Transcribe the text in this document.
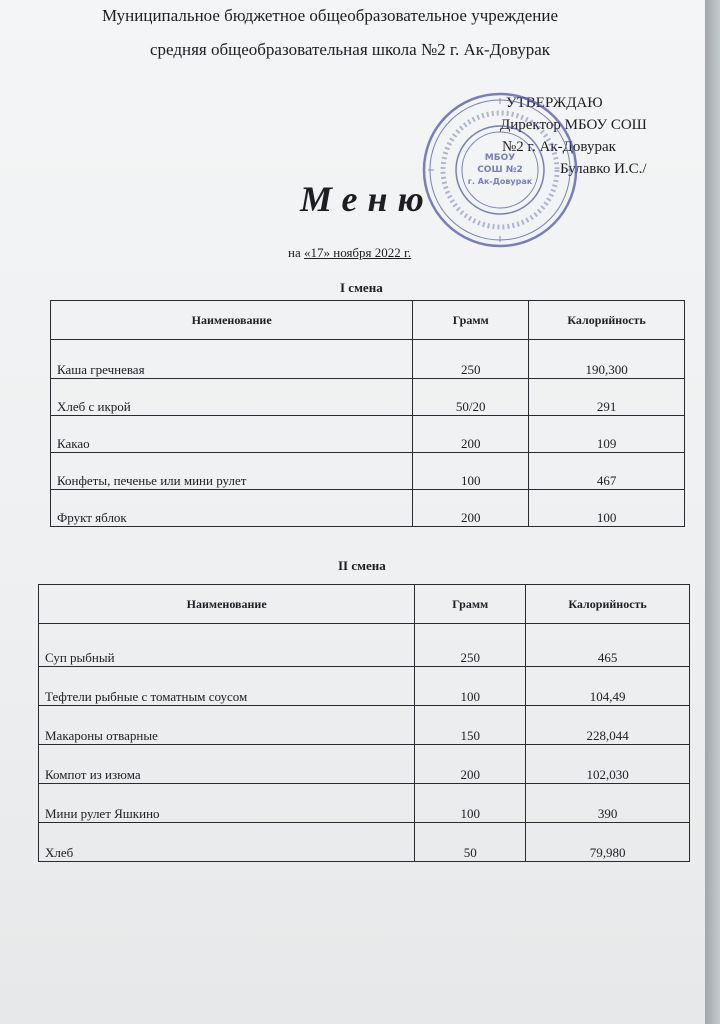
Муниципальное бюджетное общеобразовательное учреждение
средняя общеобразовательная школа №2 г. Ак-Довурак
УТВЕРЖДАЮ
Директор МБОУ СОШ
№2 г. Ак-Довурак
Булавко И.С./
МБОУ
СОШ №2
г. Ак-Довурак
Меню
на «17» ноября 2022 г.
I смена
Наименование	Грамм	Калорийность
Каша гречневая	250	190,300
Хлеб с икрой	50/20	291
Какао	200	109
Конфеты, печенье или мини рулет	100	467
Фрукт яблок	200	100
II смена
Наименование	Грамм	Калорийность
Суп рыбный	250	465
Тефтели рыбные с томатным соусом	100	104,49
Макароны отварные	150	228,044
Компот из изюма	200	102,030
Мини рулет Яшкино	100	390
Хлеб	50	79,980
